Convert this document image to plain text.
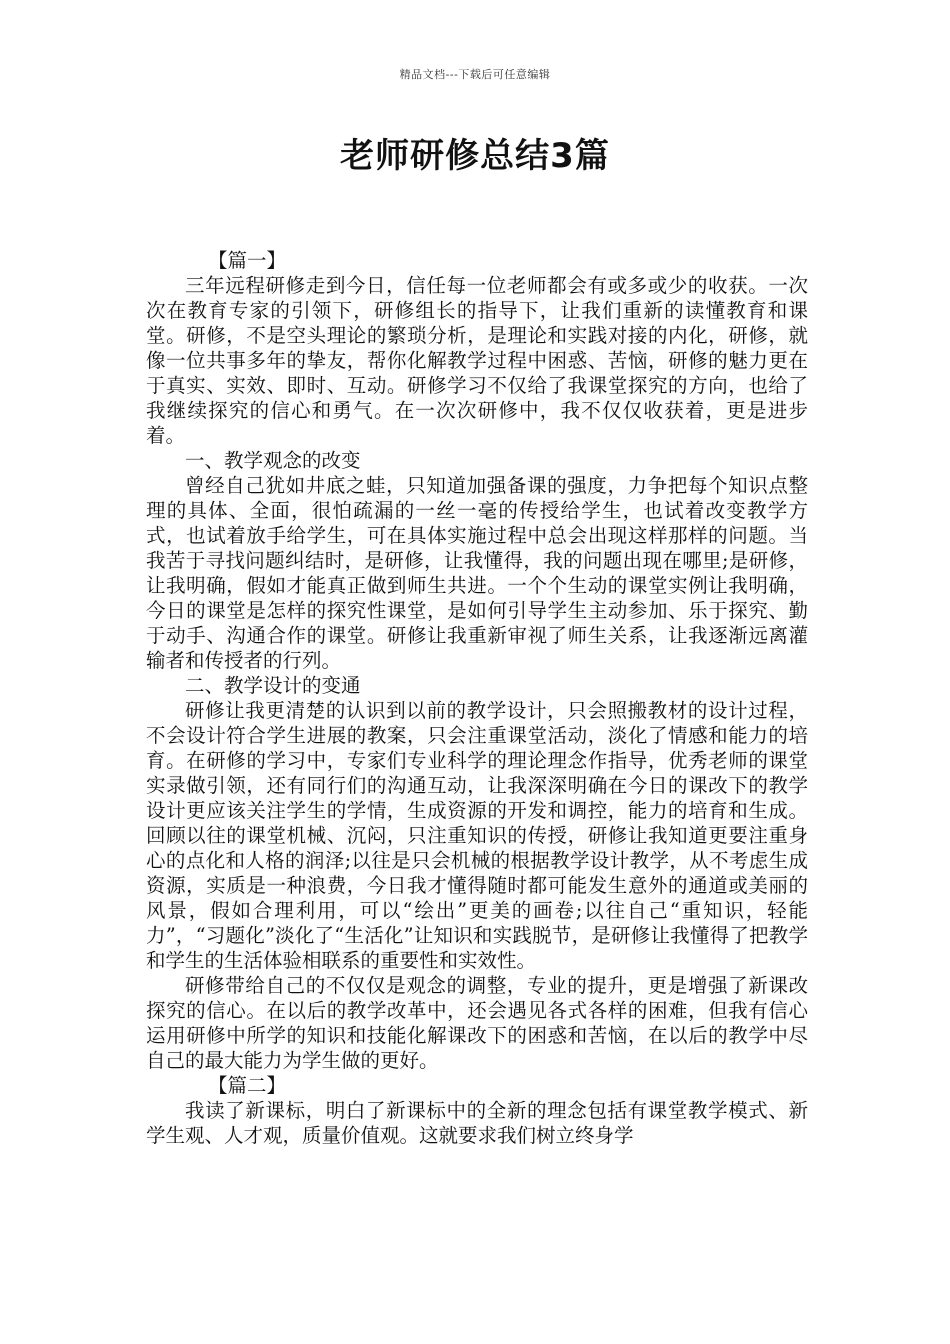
精品文档---下载后可任意编辑
老师研修总结3篇

【篇一】

三年远程研修走到今日，信任每一位老师都会有或多或少的收获。一次次在教育专家的引领下，研修组长的指导下，让我们重新的读懂教育和课堂。研修，不是空头理论的繁琐分析，是理论和实践对接的内化，研修，就像一位共事多年的挚友，帮你化解教学过程中困惑、苦恼，研修的魅力更在于真实、实效、即时、互动。研修学习不仅给了我课堂探究的方向，也给了我继续探究的信心和勇气。在一次次研修中，我不仅仅收获着，更是进步着。

一、教学观念的改变

曾经自己犹如井底之蛙，只知道加强备课的强度，力争把每个知识点整理的具体、全面，很怕疏漏的一丝一毫的传授给学生，也试着改变教学方式，也试着放手给学生，可在具体实施过程中总会出现这样那样的问题。当我苦于寻找问题纠结时，是研修，让我懂得，我的问题出现在哪里;是研修，让我明确，假如才能真正做到师生共进。一个个生动的课堂实例让我明确，今日的课堂是怎样的探究性课堂，是如何引导学生主动参加、乐于探究、勤于动手、沟通合作的课堂。研修让我重新审视了师生关系，让我逐渐远离灌输者和传授者的行列。

二、教学设计的变通

研修让我更清楚的认识到以前的教学设计，只会照搬教材的设计过程，不会设计符合学生进展的教案，只会注重课堂活动，淡化了情感和能力的培育。在研修的学习中，专家们专业科学的理论理念作指导，优秀老师的课堂实录做引领，还有同行们的沟通互动，让我深深明确在今日的课改下的教学设计更应该关注学生的学情，生成资源的开发和调控，能力的培育和生成。回顾以往的课堂机械、沉闷，只注重知识的传授，研修让我知道更要注重身心的点化和人格的润泽;以往是只会机械的根据教学设计教学，从不考虑生成资源，实质是一种浪费，今日我才懂得随时都可能发生意外的通道或美丽的风景，假如合理利用，可以“绘出”更美的画卷;以往自己“重知识，轻能力”，“习题化”淡化了“生活化”让知识和实践脱节，是研修让我懂得了把教学和学生的生活体验相联系的重要性和实效性。

研修带给自己的不仅仅是观念的调整，专业的提升，更是增强了新课改探究的信心。在以后的教学改革中，还会遇见各式各样的困难，但我有信心运用研修中所学的知识和技能化解课改下的困惑和苦恼，在以后的教学中尽自己的最大能力为学生做的更好。

【篇二】

我读了新课标，明白了新课标中的全新的理念包括有课堂教学模式、新学生观、人才观，质量价值观。这就要求我们树立终身学
